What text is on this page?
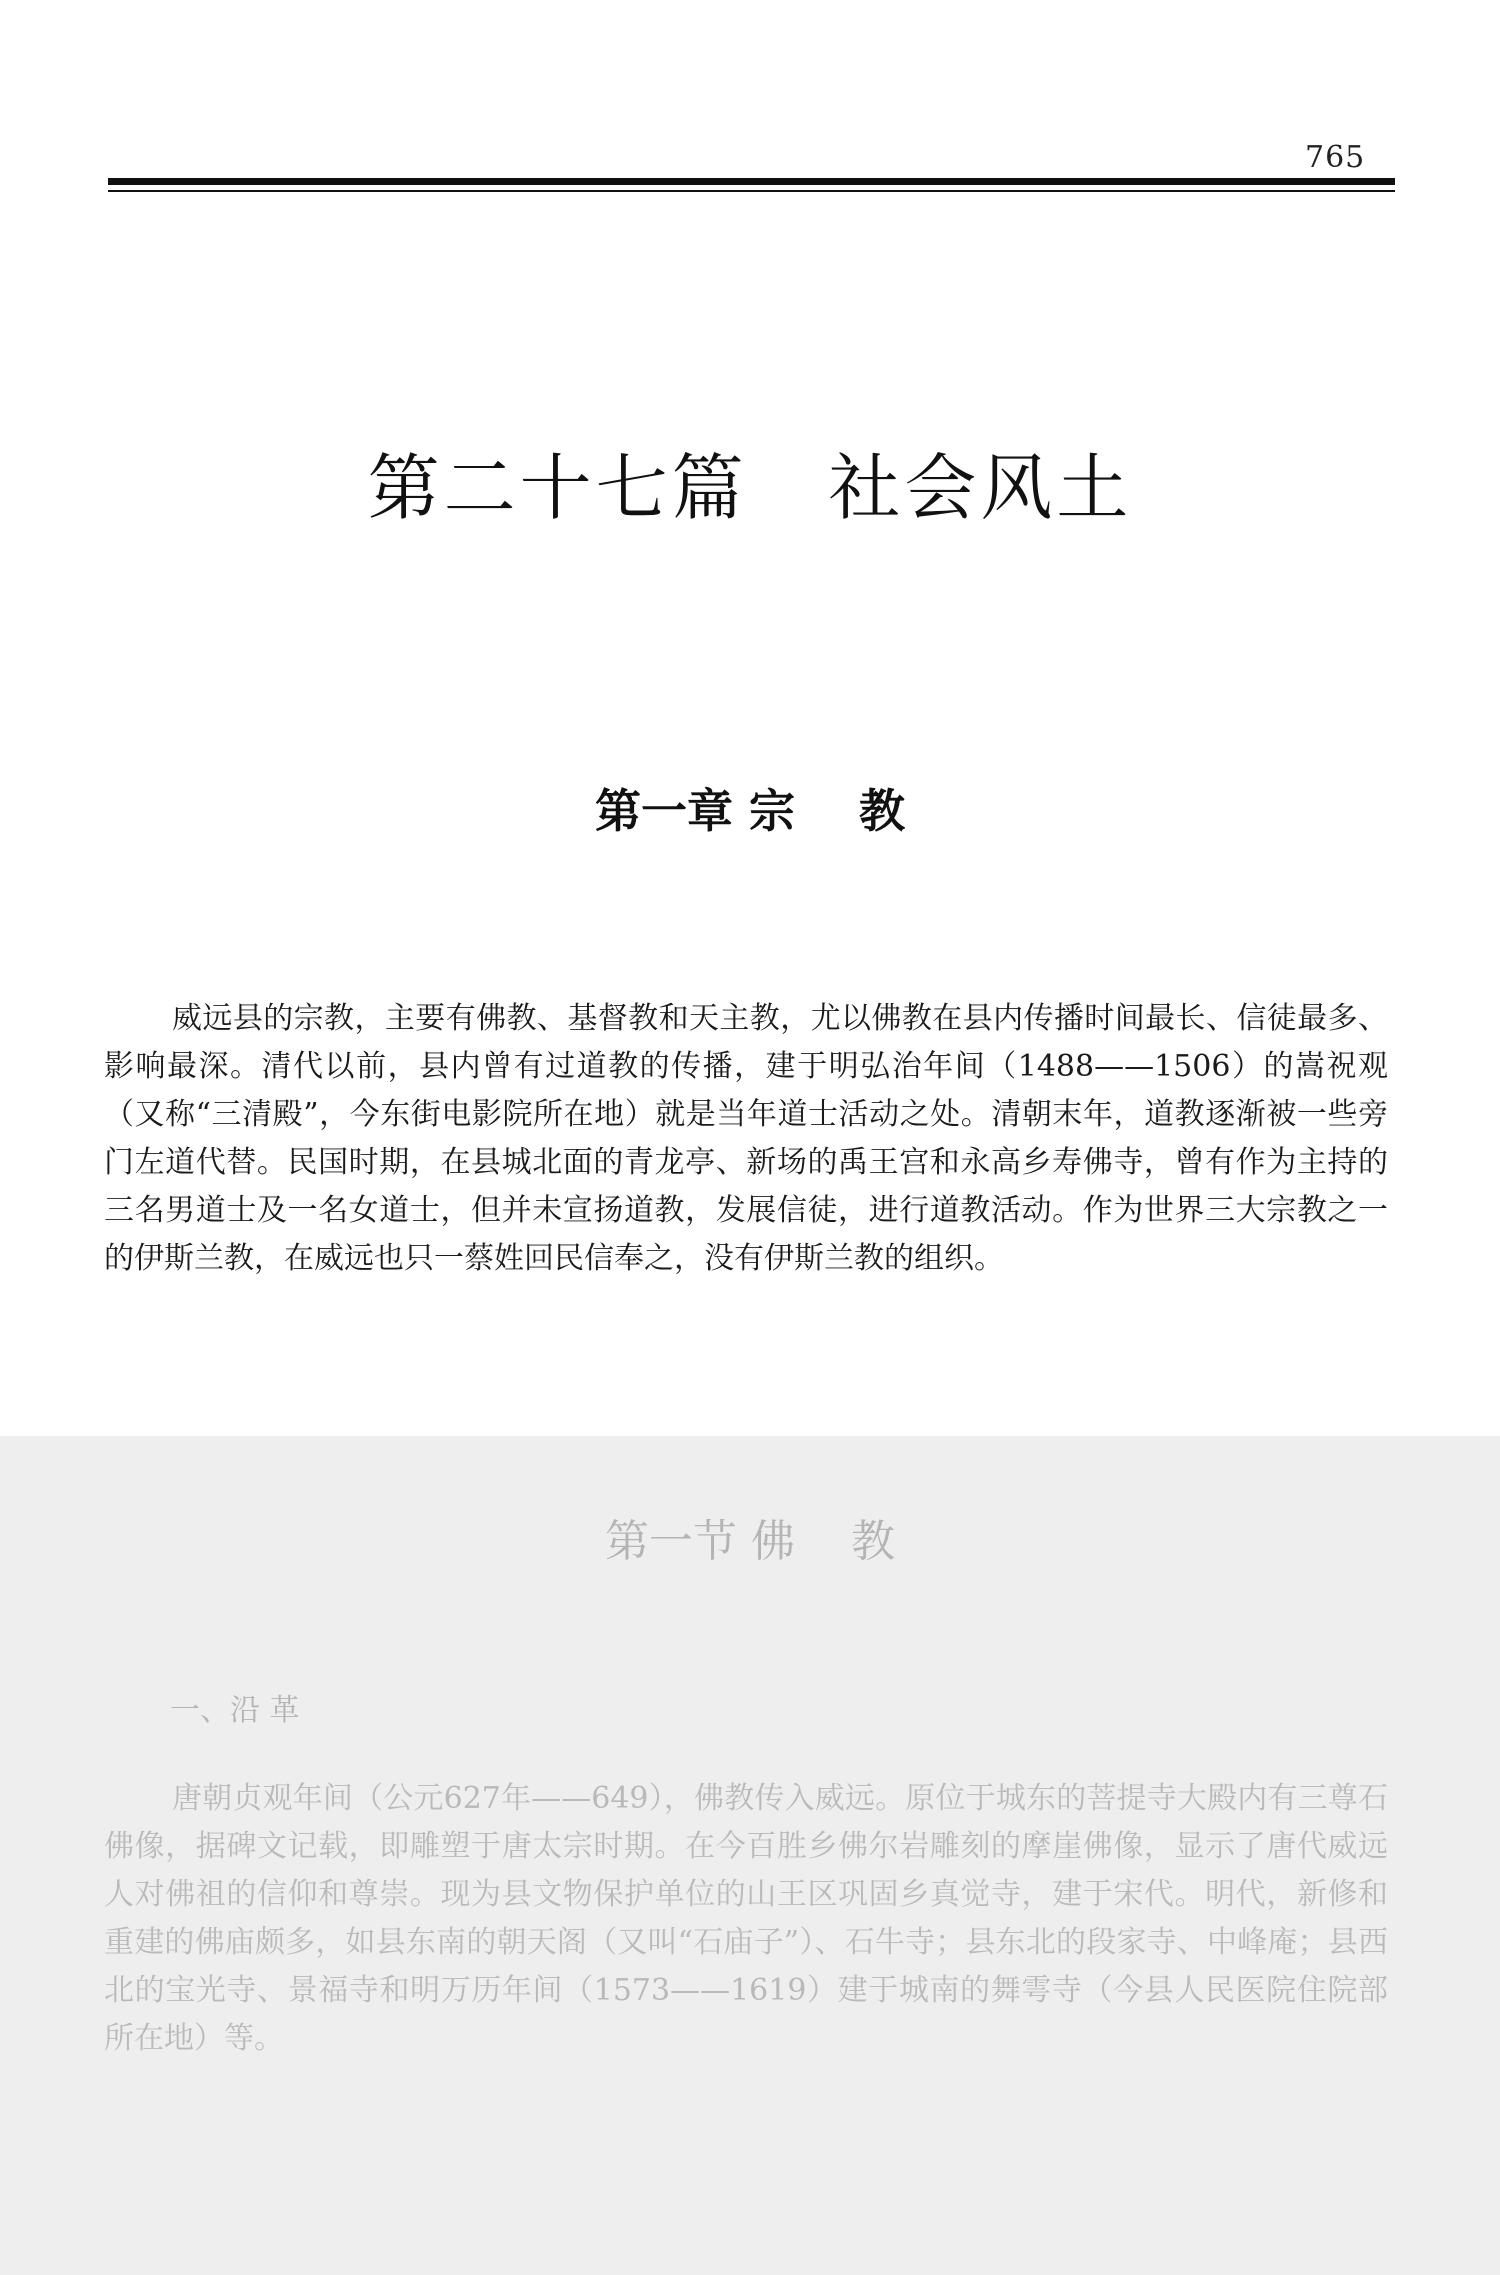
765
第二十七篇   社会风土
第一章 宗    教

威远县的宗教，主要有佛教、基督教和天主教，尤以佛教在县内传播时间最长、信徒最多、影响最深。清代以前，县内曾有过道教的传播，建于明弘治年间（1488——1506）的嵩祝观（又称“三清殿”，今东街电影院所在地）就是当年道士活动之处。清朝末年，道教逐渐被一些旁门左道代替。民国时期，在县城北面的青龙亭、新场的禹王宫和永高乡寿佛寺，曾有作为主持的三名男道士及一名女道士，但并未宣扬道教，发展信徒，进行道教活动。作为世界三大宗教之一的伊斯兰教，在威远也只一蔡姓回民信奉之，没有伊斯兰教的组织。

第一节 佛    教
一、沿 革

唐朝贞观年间（公元627年——649），佛教传入威远。原位于城东的菩提寺大殿内有三尊石佛像，据碑文记载，即雕塑于唐太宗时期。在今百胜乡佛尔岩雕刻的摩崖佛像，显示了唐代威远人对佛祖的信仰和尊崇。现为县文物保护单位的山王区巩固乡真觉寺，建于宋代。明代，新修和重建的佛庙颇多，如县东南的朝天阁（又叫“石庙子”）、石牛寺；县东北的段家寺、中峰庵；县西北的宝光寺、景福寺和明万历年间（1573——1619）建于城南的舞雩寺（今县人民医院住院部所在地）等。
